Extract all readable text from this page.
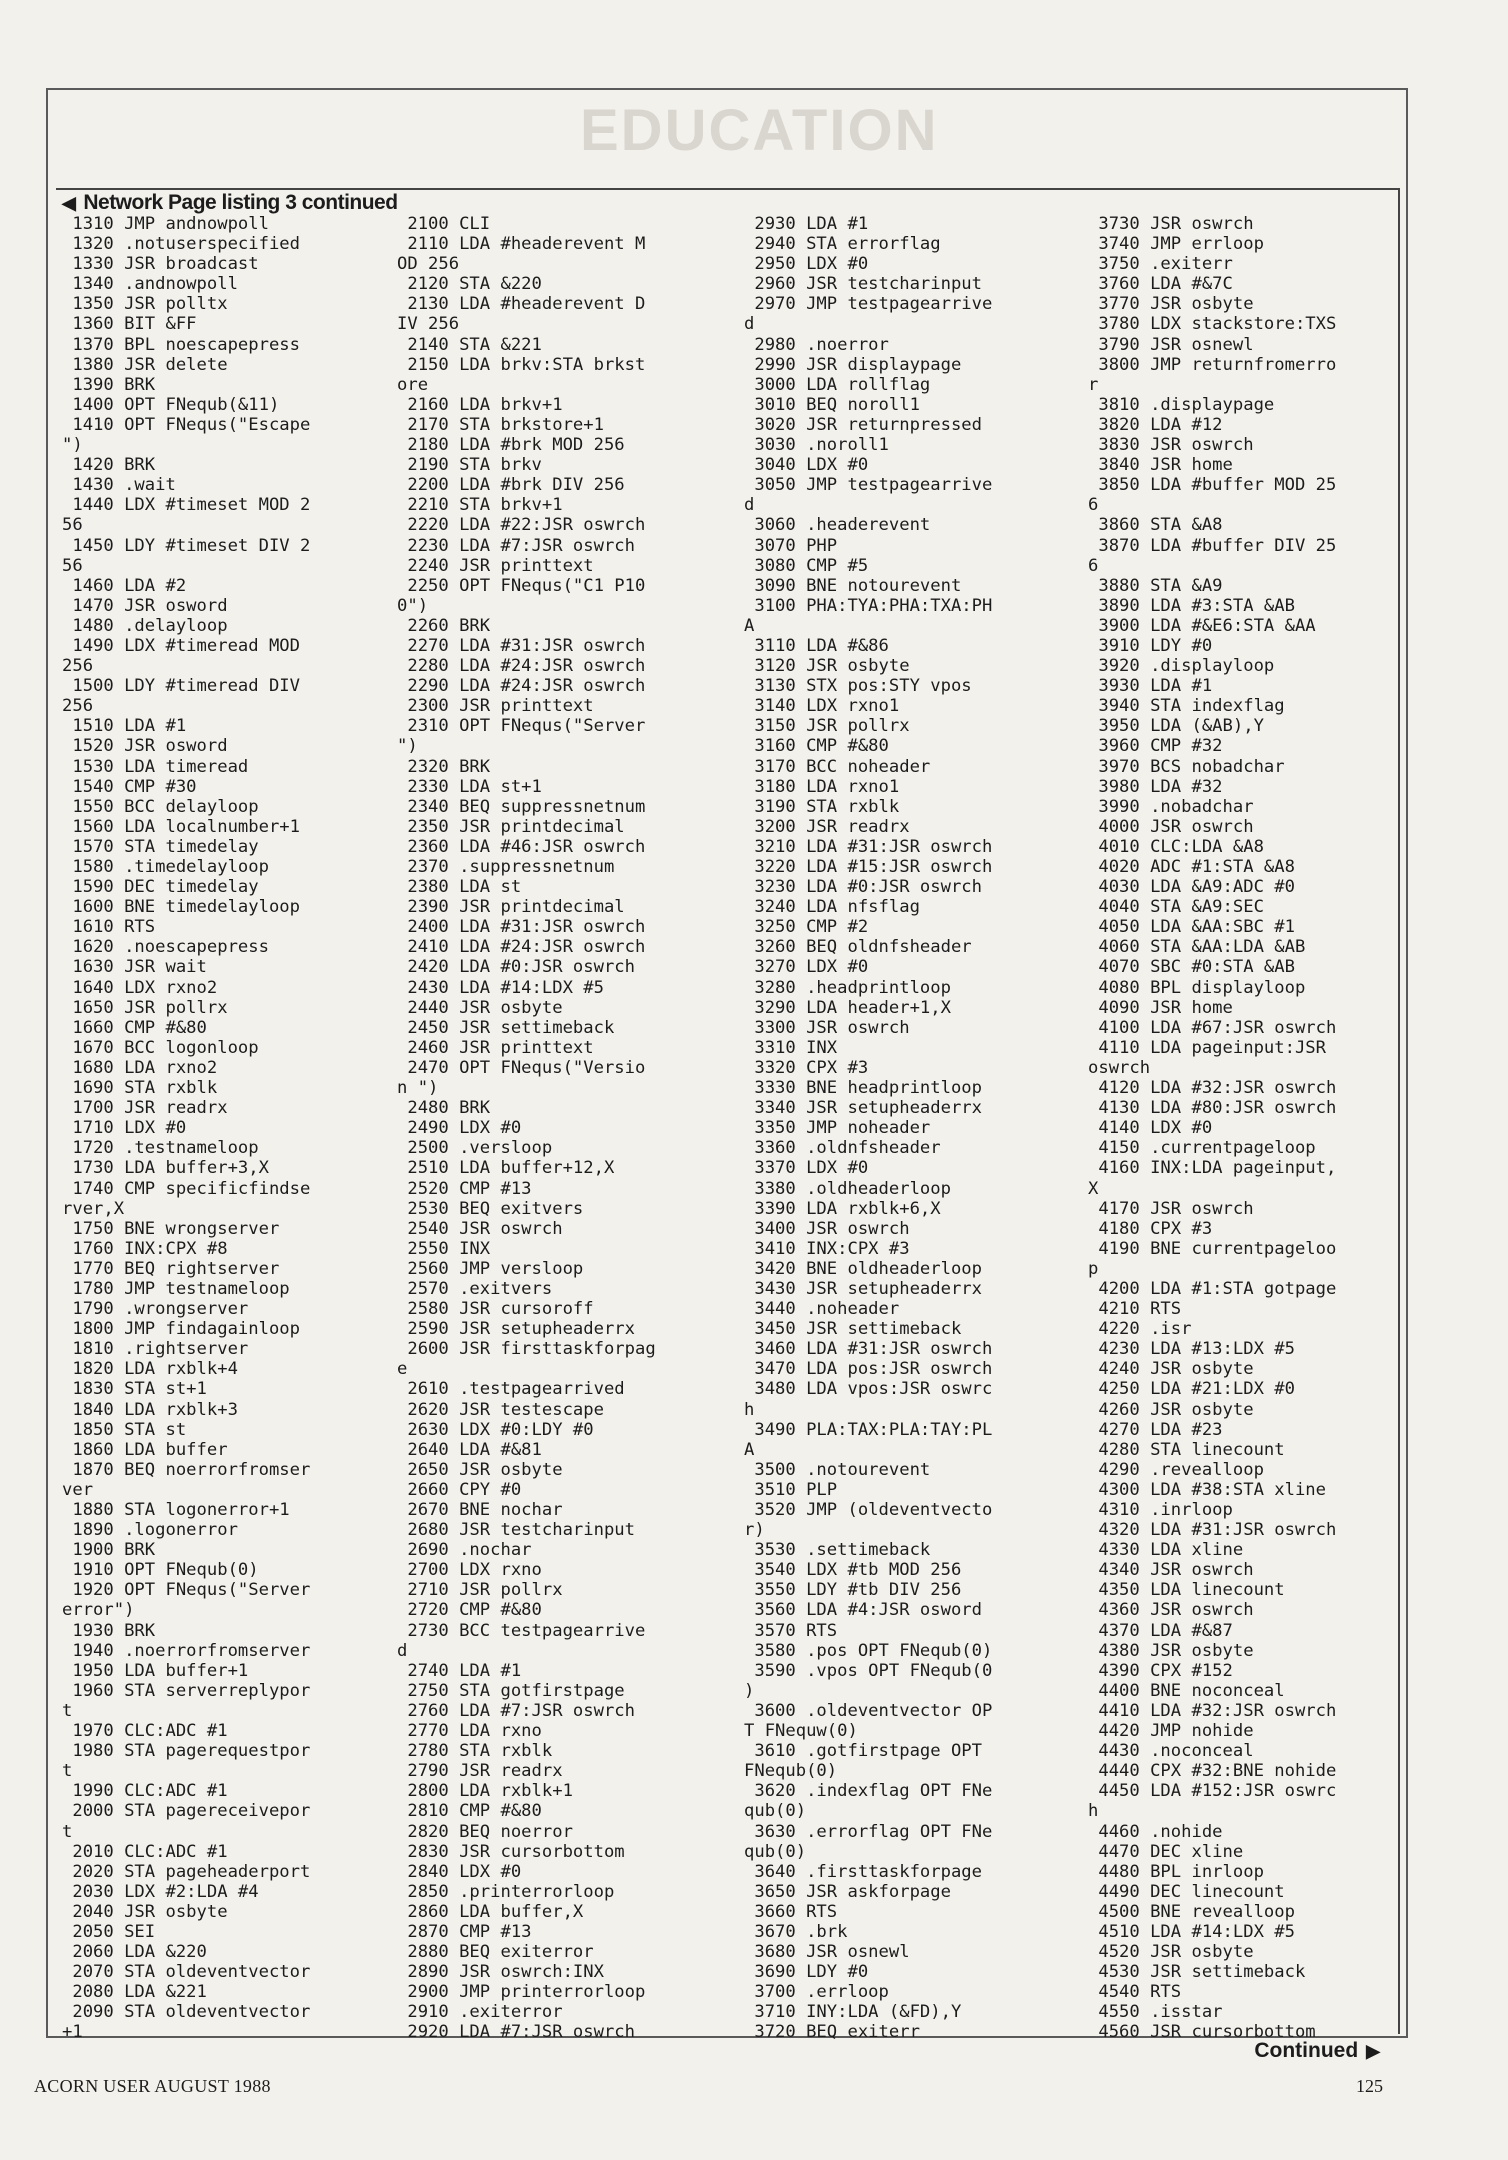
EDUCATION
◀ Network Page listing 3 continued
1310 JMP andnowpoll
1320 .notuserspecified
1330 JSR broadcast
1340 .andnowpoll
1350 JSR polltx
1360 BIT &FF
1370 BPL noescapepress
1380 JSR delete
1390 BRK
1400 OPT FNequb(&11)
1410 OPT FNequs("Escape
")
1420 BRK
1430 .wait
1440 LDX #timeset MOD 2
56
1450 LDY #timeset DIV 2
56
1460 LDA #2
1470 JSR osword
1480 .delayloop
1490 LDX #timeread MOD
256
1500 LDY #timeread DIV
256
1510 LDA #1
1520 JSR osword
1530 LDA timeread
1540 CMP #30
1550 BCC delayloop
1560 LDA localnumber+1
1570 STA timedelay
1580 .timedelayloop
1590 DEC timedelay
1600 BNE timedelayloop
1610 RTS
1620 .noescapepress
1630 JSR wait
1640 LDX rxno2
1650 JSR pollrx
1660 CMP #&80
1670 BCC logonloop
1680 LDA rxno2
1690 STA rxblk
1700 JSR readrx
1710 LDX #0
1720 .testnameloop
1730 LDA buffer+3,X
1740 CMP specificfindse
rver,X
1750 BNE wrongserver
1760 INX:CPX #8
1770 BEQ rightserver
1780 JMP testnameloop
1790 .wrongserver
1800 JMP findagainloop
1810 .rightserver
1820 LDA rxblk+4
1830 STA st+1
1840 LDA rxblk+3
1850 STA st
1860 LDA buffer
1870 BEQ noerrorfromser
ver
1880 STA logonerror+1
1890 .logonerror
1900 BRK
1910 OPT FNequb(0)
1920 OPT FNequs("Server
error")
1930 BRK
1940 .noerrorfromserver
1950 LDA buffer+1
1960 STA serverreplypor
t
1970 CLC:ADC #1
1980 STA pagerequestpor
t
1990 CLC:ADC #1
2000 STA pagereceivepor
t
2010 CLC:ADC #1
2020 STA pageheaderport
2030 LDX #2:LDA #4
2040 JSR osbyte
2050 SEI
2060 LDA &220
2070 STA oldeventvector
2080 LDA &221
2090 STA oldeventvector
+1
2100 CLI
2110 LDA #headerevent M
OD 256
2120 STA &220
2130 LDA #headerevent D
IV 256
2140 STA &221
2150 LDA brkv:STA brkst
ore
2160 LDA brkv+1
2170 STA brkstore+1
2180 LDA #brk MOD 256
2190 STA brkv
2200 LDA #brk DIV 256
2210 STA brkv+1
2220 LDA #22:JSR oswrch
2230 LDA #7:JSR oswrch
2240 JSR printtext
2250 OPT FNequs("C1 P10
0")
2260 BRK
2270 LDA #31:JSR oswrch
2280 LDA #24:JSR oswrch
2290 LDA #24:JSR oswrch
2300 JSR printtext
2310 OPT FNequs("Server
")
2320 BRK
2330 LDA st+1
2340 BEQ suppressnetnum
2350 JSR printdecimal
2360 LDA #46:JSR oswrch
2370 .suppressnetnum
2380 LDA st
2390 JSR printdecimal
2400 LDA #31:JSR oswrch
2410 LDA #24:JSR oswrch
2420 LDA #0:JSR oswrch
2430 LDA #14:LDX #5
2440 JSR osbyte
2450 JSR settimeback
2460 JSR printtext
2470 OPT FNequs("Versio
n ")
2480 BRK
2490 LDX #0
2500 .versloop
2510 LDA buffer+12,X
2520 CMP #13
2530 BEQ exitvers
2540 JSR oswrch
2550 INX
2560 JMP versloop
2570 .exitvers
2580 JSR cursoroff
2590 JSR setupheaderrx
2600 JSR firsttaskforpag
e
2610 .testpagearrived
2620 JSR testescape
2630 LDX #0:LDY #0
2640 LDA #&81
2650 JSR osbyte
2660 CPY #0
2670 BNE nochar
2680 JSR testcharinput
2690 .nochar
2700 LDX rxno
2710 JSR pollrx
2720 CMP #&80
2730 BCC testpagearrive
d
2740 LDA #1
2750 STA gotfirstpage
2760 LDA #7:JSR oswrch
2770 LDA rxno
2780 STA rxblk
2790 JSR readrx
2800 LDA rxblk+1
2810 CMP #&80
2820 BEQ noerror
2830 JSR cursorbottom
2840 LDX #0
2850 .printerrorloop
2860 LDA buffer,X
2870 CMP #13
2880 BEQ exiterror
2890 JSR oswrch:INX
2900 JMP printerrorloop
2910 .exiterror
2920 LDA #7:JSR oswrch
2930 LDA #1
2940 STA errorflag
2950 LDX #0
2960 JSR testcharinput
2970 JMP testpagearrive
d
2980 .noerror
2990 JSR displaypage
3000 LDA rollflag
3010 BEQ noroll1
3020 JSR returnpressed
3030 .noroll1
3040 LDX #0
3050 JMP testpagearrive
d
3060 .headerevent
3070 PHP
3080 CMP #5
3090 BNE notourevent
3100 PHA:TYA:PHA:TXA:PH
A
3110 LDA #&86
3120 JSR osbyte
3130 STX pos:STY vpos
3140 LDX rxno1
3150 JSR pollrx
3160 CMP #&80
3170 BCC noheader
3180 LDA rxno1
3190 STA rxblk
3200 JSR readrx
3210 LDA #31:JSR oswrch
3220 LDA #15:JSR oswrch
3230 LDA #0:JSR oswrch
3240 LDA nfsflag
3250 CMP #2
3260 BEQ oldnfsheader
3270 LDX #0
3280 .headprintloop
3290 LDA header+1,X
3300 JSR oswrch
3310 INX
3320 CPX #3
3330 BNE headprintloop
3340 JSR setupheaderrx
3350 JMP noheader
3360 .oldnfsheader
3370 LDX #0
3380 .oldheaderloop
3390 LDA rxblk+6,X
3400 JSR oswrch
3410 INX:CPX #3
3420 BNE oldheaderloop
3430 JSR setupheaderrx
3440 .noheader
3450 JSR settimeback
3460 LDA #31:JSR oswrch
3470 LDA pos:JSR oswrch
3480 LDA vpos:JSR oswrc
h
3490 PLA:TAX:PLA:TAY:PL
A
3500 .notourevent
3510 PLP
3520 JMP (oldeventvecto
r)
3530 .settimeback
3540 LDX #tb MOD 256
3550 LDY #tb DIV 256
3560 LDA #4:JSR osword
3570 RTS
3580 .pos OPT FNequb(0)
3590 .vpos OPT FNequb(0
)
3600 .oldeventvector OP
T FNequw(0)
3610 .gotfirstpage OPT
FNequb(0)
3620 .indexflag OPT FNe
qub(0)
3630 .errorflag OPT FNe
qub(0)
3640 .firsttaskforpage
3650 JSR askforpage
3660 RTS
3670 .brk
3680 JSR osnewl
3690 LDY #0
3700 .errloop
3710 INY:LDA (&FD),Y
3720 BEQ exiterr
3730 JSR oswrch
3740 JMP errloop
3750 .exiterr
3760 LDA #&7C
3770 JSR osbyte
3780 LDX stackstore:TXS
3790 JSR osnewl
3800 JMP returnfromerro
r
3810 .displaypage
3820 LDA #12
3830 JSR oswrch
3840 JSR home
3850 LDA #buffer MOD 25
6
3860 STA &A8
3870 LDA #buffer DIV 25
6
3880 STA &A9
3890 LDA #3:STA &AB
3900 LDA #&E6:STA &AA
3910 LDY #0
3920 .displayloop
3930 LDA #1
3940 STA indexflag
3950 LDA (&AB),Y
3960 CMP #32
3970 BCS nobadchar
3980 LDA #32
3990 .nobadchar
4000 JSR oswrch
4010 CLC:LDA &A8
4020 ADC #1:STA &A8
4030 LDA &A9:ADC #0
4040 STA &A9:SEC
4050 LDA &AA:SBC #1
4060 STA &AA:LDA &AB
4070 SBC #0:STA &AB
4080 BPL displayloop
4090 JSR home
4100 LDA #67:JSR oswrch
4110 LDA pageinput:JSR
oswrch
4120 LDA #32:JSR oswrch
4130 LDA #80:JSR oswrch
4140 LDX #0
4150 .currentpageloop
4160 INX:LDA pageinput,
X
4170 JSR oswrch
4180 CPX #3
4190 BNE currentpageloo
p
4200 LDA #1:STA gotpage
4210 RTS
4220 .isr
4230 LDA #13:LDX #5
4240 JSR osbyte
4250 LDA #21:LDX #0
4260 JSR osbyte
4270 LDA #23
4280 STA linecount
4290 .revealloop
4300 LDA #38:STA xline
4310 .inrloop
4320 LDA #31:JSR oswrch
4330 LDA xline
4340 JSR oswrch
4350 LDA linecount
4360 JSR oswrch
4370 LDA #&87
4380 JSR osbyte
4390 CPX #152
4400 BNE noconceal
4410 LDA #32:JSR oswrch
4420 JMP nohide
4430 .noconceal
4440 CPX #32:BNE nohide
4450 LDA #152:JSR oswrc
h
4460 .nohide
4470 DEC xline
4480 BPL inrloop
4490 DEC linecount
4500 BNE revealloop
4510 LDA #14:LDX #5
4520 JSR osbyte
4530 JSR settimeback
4540 RTS
4550 .isstar
4560 JSR cursorbottom
Continued ▶
ACORN USER AUGUST 1988	125
